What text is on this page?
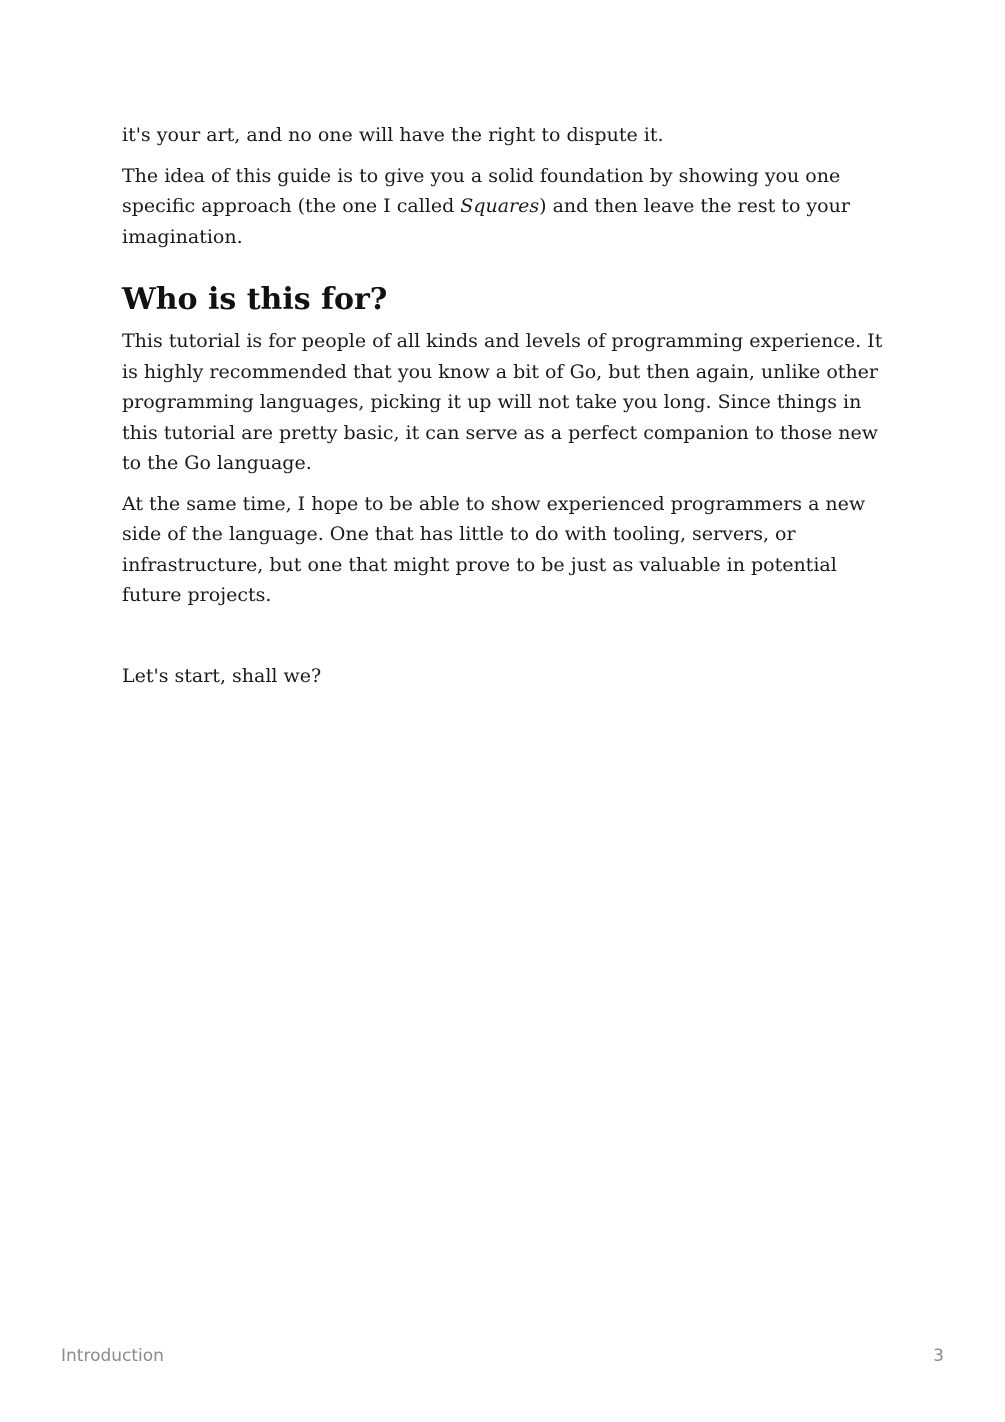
it's your art, and no one will have the right to dispute it.

The idea of this guide is to give you a solid foundation by showing you one specific approach (the one I called Squares) and then leave the rest to your imagination.

Who is this for?

This tutorial is for people of all kinds and levels of programming experience. It is highly recommended that you know a bit of Go, but then again, unlike other programming languages, picking it up will not take you long. Since things in this tutorial are pretty basic, it can serve as a perfect companion to those new to the Go language.

At the same time, I hope to be able to show experienced programmers a new side of the language. One that has little to do with tooling, servers, or infrastructure, but one that might prove to be just as valuable in potential future projects.

Let's start, shall we?

Introduction	3
